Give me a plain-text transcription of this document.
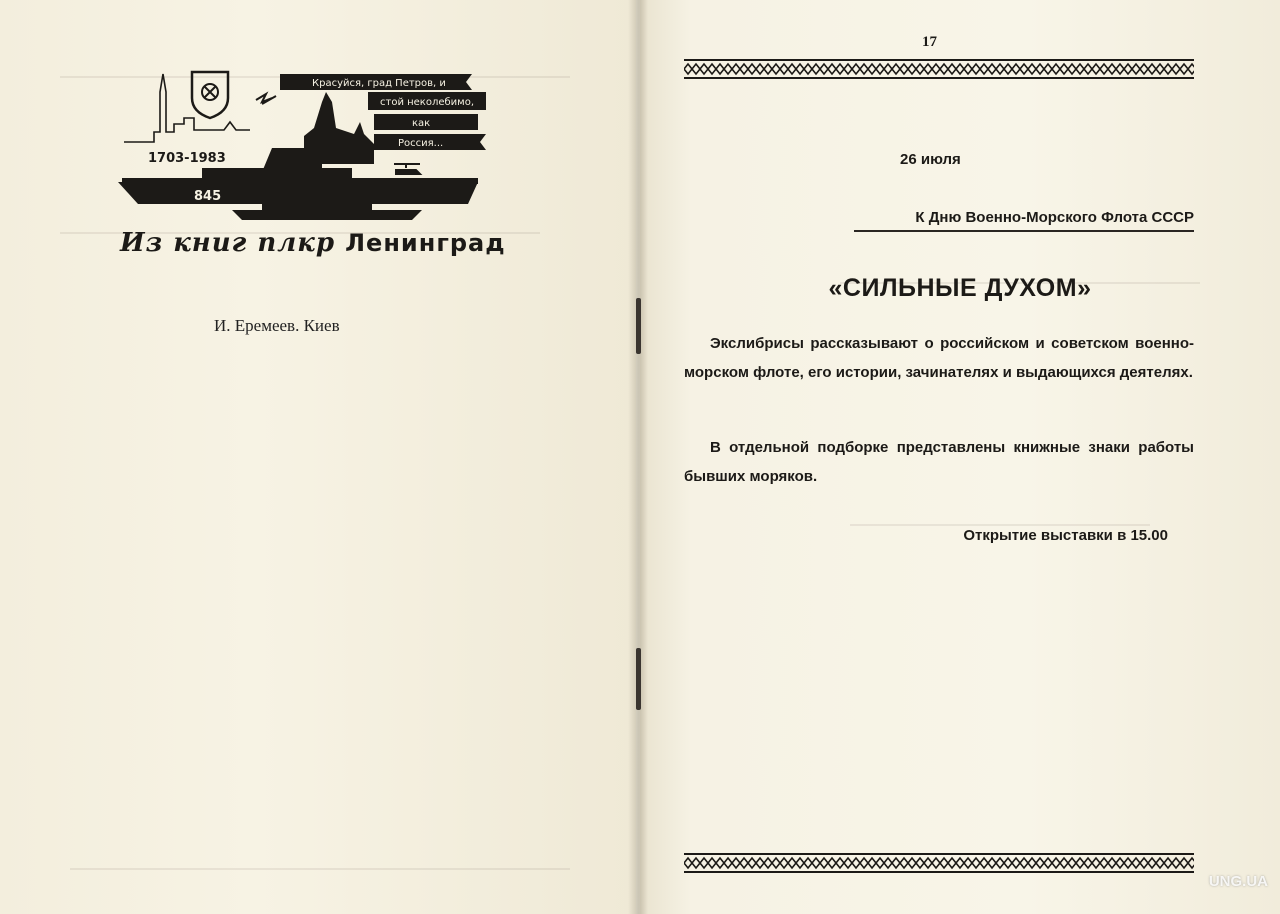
Красуйся, град Петров, и
стой неколебимо,
как
Россия...
1703-1983
845
Из книг плкр Ленинград
И. Еремеев. Киев
17
26 июля
К Дню Военно-Морского Флота СССР
«СИЛЬНЫЕ ДУХОМ»
Экслибрисы рассказывают о российском и советском военно-морском флоте, его истории, зачинателях и выдающихся деятелях.
В отдельной подборке представлены книжные знаки работы бывших моряков.
Открытие выставки в 15.00
UNG.UA
